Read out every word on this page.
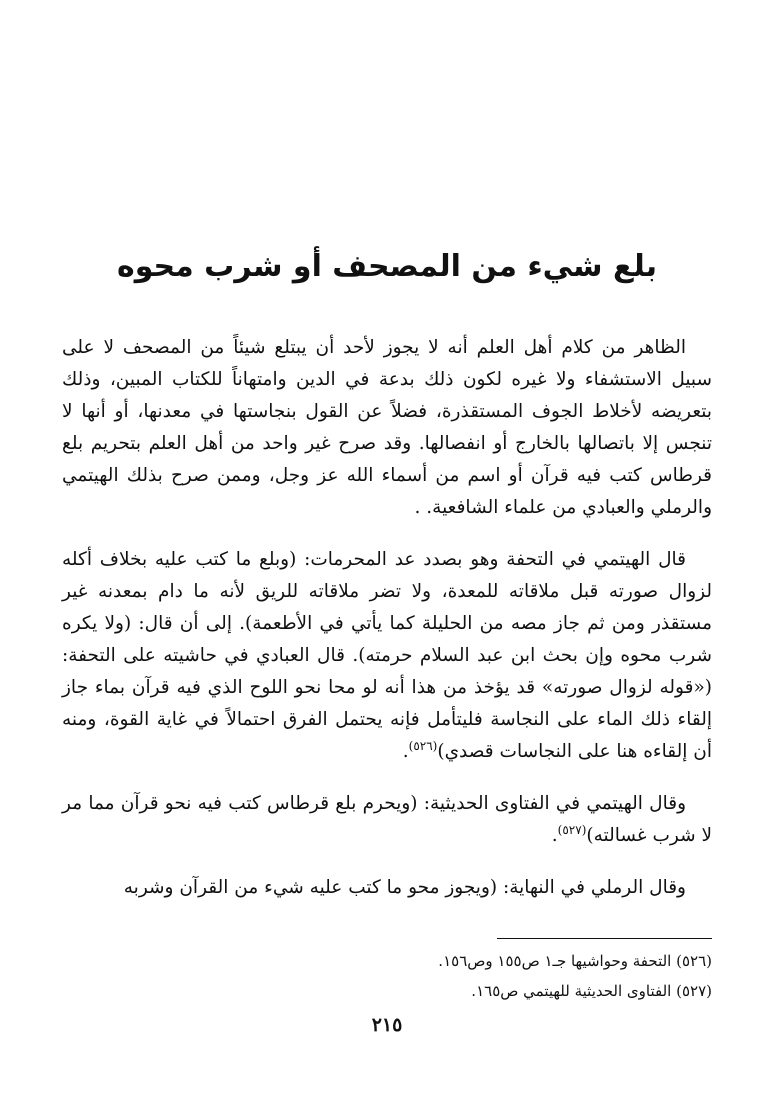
بلع شيء من المصحف أو شرب محوه

الظاهر من كلام أهل العلم أنه لا يجوز لأحد أن يبتلع شيئاً من المصحف لا على سبيل الاستشفاء ولا غيره لكون ذلك بدعة في الدين وامتهاناً للكتاب المبين، وذلك بتعريضه لأخلاط الجوف المستقذرة، فضلاً عن القول بنجاستها في معدنها، أو أنها لا تنجس إلا باتصالها بالخارج أو انفصالها. وقد صرح غير واحد من أهل العلم بتحريم بلع قرطاس كتب فيه قرآن أو اسم من أسماء الله عز وجل، وممن صرح بذلك الهيتمي والرملي والعبادي من علماء الشافعية. .

قال الهيتمي في التحفة وهو بصدد عد المحرمات: (وبلع ما كتب عليه بخلاف أكله لزوال صورته قبل ملاقاته للمعدة، ولا تضر ملاقاته للريق لأنه ما دام بمعدنه غير مستقذر ومن ثم جاز مصه من الحليلة كما يأتي في الأطعمة). إلى أن قال: (ولا يكره شرب محوه وإن بحث ابن عبد السلام حرمته). قال العبادي في حاشيته على التحفة: («قوله لزوال صورته» قد يؤخذ من هذا أنه لو محا نحو اللوح الذي فيه قرآن بماء جاز إلقاء ذلك الماء على النجاسة فليتأمل فإنه يحتمل الفرق احتمالاً في غاية القوة، ومنه أن إلقاءه هنا على النجاسات قصدي)$^{(٥٢٦)}$.

وقال الهيتمي في الفتاوى الحديثية: (ويحرم بلع قرطاس كتب فيه نحو قرآن مما مر لا شرب غسالته)$^{(٥٢٧)}$.

وقال الرملي في النهاية: (ويجوز محو ما كتب عليه شيء من القرآن وشربه

(٥٢٦) التحفة وحواشيها جـ١ ص١٥٥ وص١٥٦.
(٥٢٧) الفتاوى الحديثية للهيتمي ص١٦٥.
٢١٥
